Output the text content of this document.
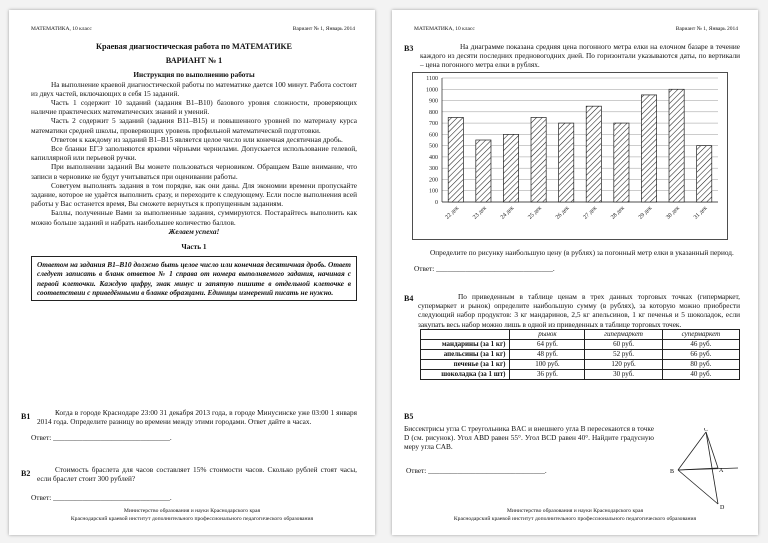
МАТЕМАТИКА, 10 класс	Вариант № 1, Январь 2014
Краевая диагностическая работа по МАТЕМАТИКЕ
ВАРИАНТ № 1
Инструкция по выполнению работы

На выполнение краевой диагностической работы по математике дается 100 минут. Работа состоит из двух частей, включающих в себя 15 заданий.

Часть 1 содержит 10 заданий (задания B1–B10) базового уровня сложности, проверяющих наличие практических математических знаний и умений.

Часть 2 содержит 5 заданий (задания B11–B15) и повышенного уровней по материалу курса математики средней школы, проверяющих уровень профильной математической подготовки.

Ответом к каждому из заданий B1–B15 является целое число или конечная десятичная дробь.

Все бланки ЕГЭ заполняются яркими чёрными чернилами. Допускается использование гелевой, капиллярной или перьевой ручки.

При выполнении заданий Вы можете пользоваться черновиком. Обращаем Ваше внимание, что записи в черновике не будут учитываться при оценивании работы.

Советуем выполнять задания в том порядке, как они даны. Для экономии времени пропускайте задание, которое не удаётся выполнить сразу, и переходите к следующему. Если после выполнения всей работы у Вас останется время, Вы сможете вернуться к пропущенным заданиям.

Баллы, полученные Вами за выполненные задания, суммируются. Постарайтесь выполнить как можно больше заданий и набрать наибольшее количество баллов.

Желаем успеха!
Часть 1
Ответом на задания B1–B10 должно быть целое число или конечная десятичная дробь. Ответ следует записать в бланк ответов № 1 справа от номера выполняемого задания, начиная с первой клеточки. Каждую цифру, знак минус и запятую пишите в отдельной клеточке в соответствии с приведёнными в бланке образцами. Единицы измерений писать не нужно.
B1	Когда в городе Краснодаре 23:00 31 декабря 2013 года, в городе Минусинске уже 03:00 1 января 2014 года. Определите разницу во времени между этими городами. Ответ дайте в часах.
Ответ: ________________________________.
B2	Стоимость браслета для часов составляет 15% стоимости часов. Сколько рублей стоят часы, если браслет стоит 300 рублей?
Ответ: ________________________________.
Министерство образования и науки Краснодарского края
Краснодарский краевой институт дополнительного профессионального педагогического образования
МАТЕМАТИКА, 10 класс	Вариант № 1, Январь 2014
B3	На диаграмме показана средняя цена погонного метра елки на елочном базаре в течение каждого из десяти последних предновогодних дней. По горизонтали указываются даты, по вертикали – цена погонного метра елки в рублях.
0
100
200
300
400
500
600
700
800
900
1000
1100
22 дек 23 дек 24 дек 25 дек 26 дек 27 дек 28 дек 29 дек 30 дек 31 дек
Определите по рисунку наибольшую цену (в рублях) за погонный метр елки в указанный период.
Ответ: ________________________________.
B4	По приведенным в таблице ценам в трех данных торговых точках (гипермаркет, супермаркет и рынок) определите наибольшую сумму (в рублях), за которую можно приобрести следующий набор продуктов: 3 кг мандаринов, 2,5 кг апельсинов, 1 кг печенья и 5 шоколадок, если закупать весь набор можно лишь в одной из приведенных в таблице торговых точек.
	рынок	гипермаркет	супермаркет
мандарины (за 1 кг)	64 руб.	60 руб.	46 руб.
апельсины (за 1 кг)	48 руб.	52 руб.	66 руб.
печенье (за 1 кг)	100 руб.	120 руб.	80 руб.
шоколадка (за 1 шт)	36 руб.	30 руб.	40 руб.
B5
Биссектрисы угла С треугольника BAC и внешнего угла В пересекаются в точке D (см. рисунок). Угол ABD равен 55°. Угол BCD равен 40°. Найдите градусную меру угла CAB.
Ответ: ________________________________.
C
B	A
D
Министерство образования и науки Краснодарского края
Краснодарский краевой институт дополнительного профессионального педагогического образования
